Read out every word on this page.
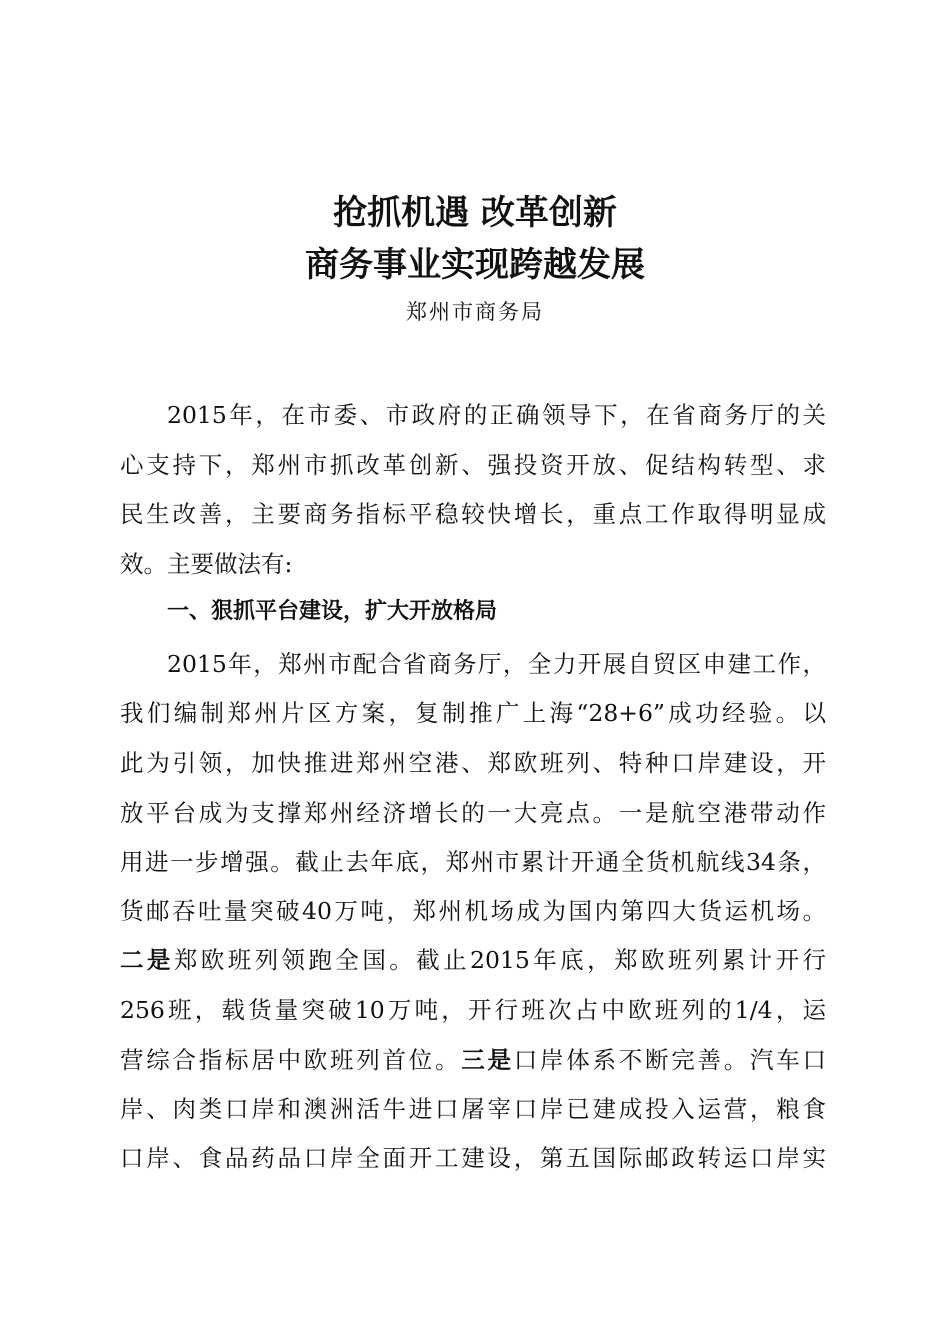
抢抓机遇 改革创新
商务事业实现跨越发展
郑州市商务局
2015年，在市委、市政府的正确领导下，在省商务厅的关
心支持下，郑州市抓改革创新、强投资开放、促结构转型、求
民生改善，主要商务指标平稳较快增长，重点工作取得明显成
效。主要做法有:
一、狠抓平台建设，扩大开放格局
2015年，郑州市配合省商务厅，全力开展自贸区申建工作，
我们编制郑州片区方案，复制推广上海“28+6”成功经验。以
此为引领，加快推进郑州空港、郑欧班列、特种口岸建设，开
放平台成为支撑郑州经济增长的一大亮点。一是航空港带动作
用进一步增强。截止去年底，郑州市累计开通全货机航线34条，
货邮吞吐量突破40万吨，郑州机场成为国内第四大货运机场。
二是郑欧班列领跑全国。截止2015年底，郑欧班列累计开行
256班，载货量突破10万吨，开行班次占中欧班列的1/4，运
营综合指标居中欧班列首位。三是口岸体系不断完善。汽车口
岸、肉类口岸和澳洲活牛进口屠宰口岸已建成投入运营，粮食
口岸、食品药品口岸全面开工建设，第五国际邮政转运口岸实
